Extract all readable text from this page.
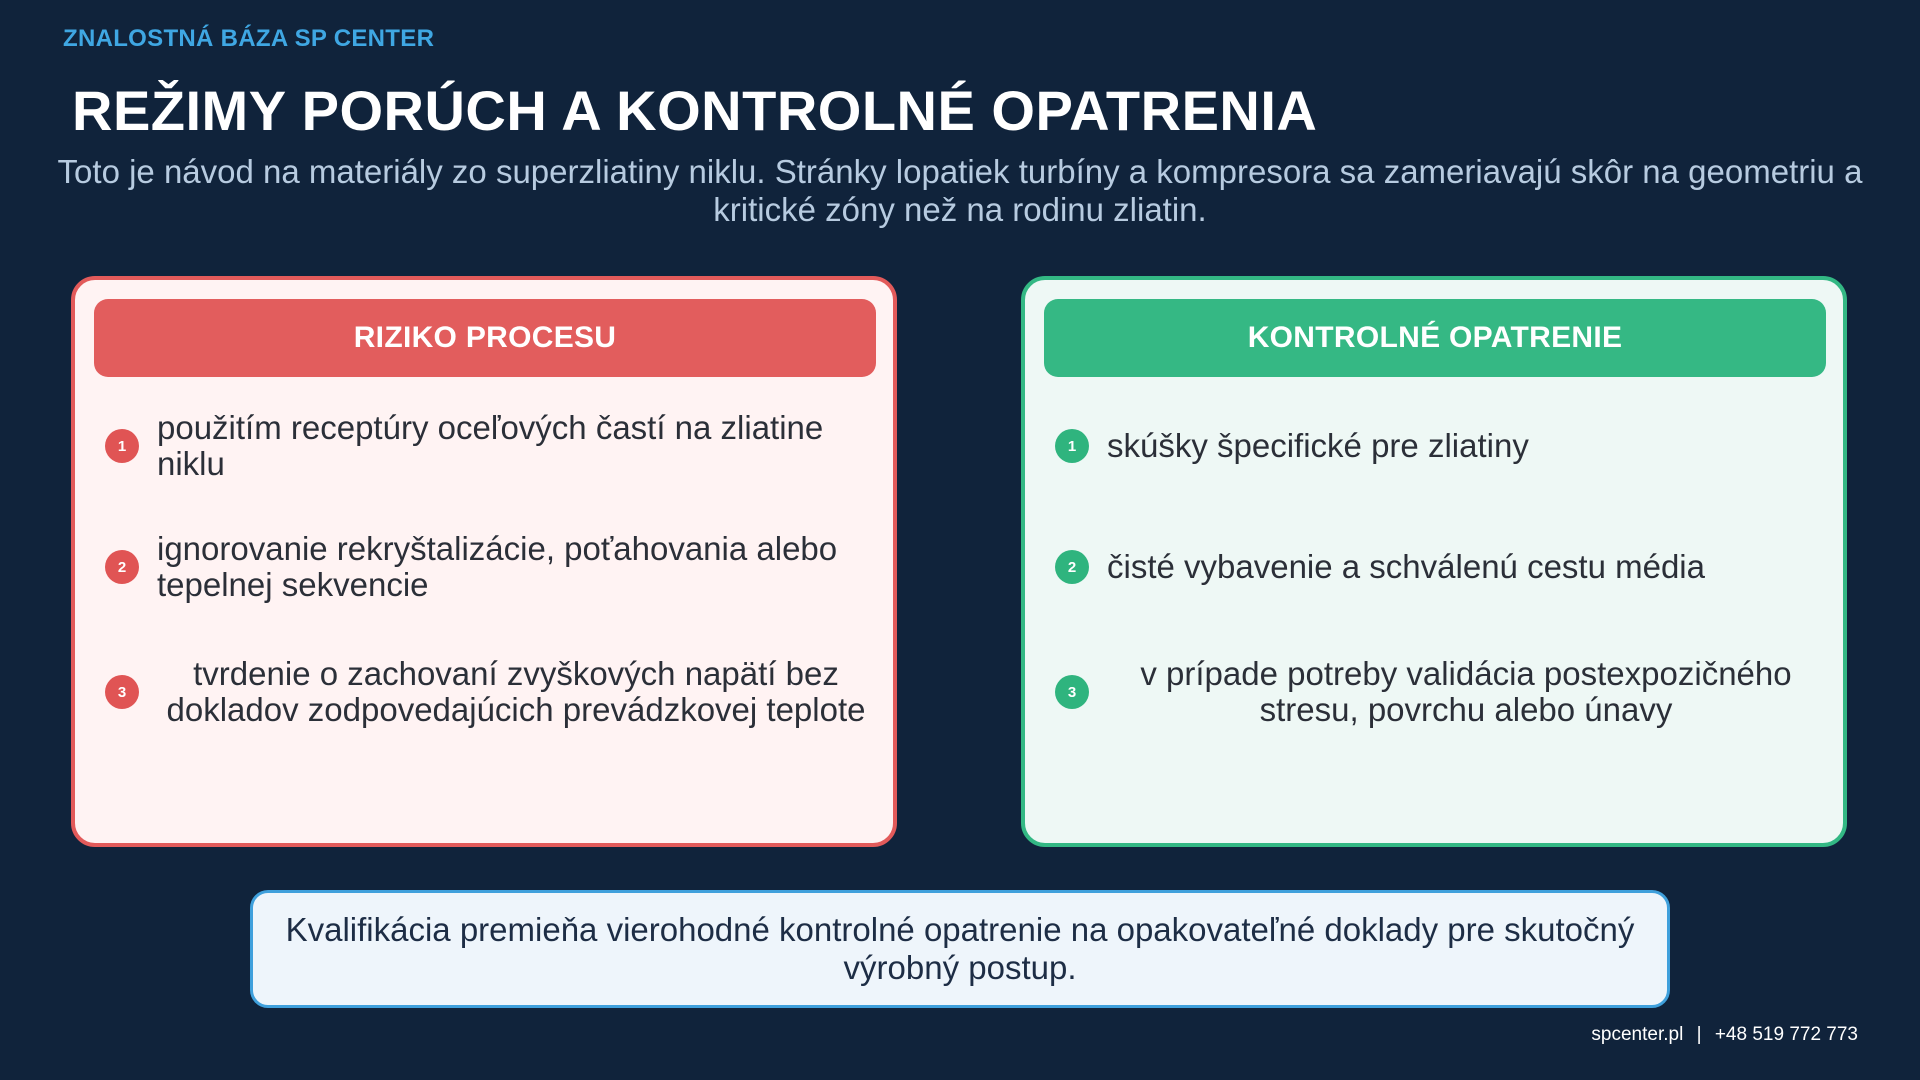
ZNALOSTNÁ BÁZA SP CENTER
REŽIMY PORÚCH A KONTROLNÉ OPATRENIA
Toto je návod na materiály zo superzliatiny niklu. Stránky lopatiek turbíny a kompresora sa zameriavajú skôr na geometriu a kritické zóny než na rodinu zliatin.
RIZIKO PROCESU
1 použitím receptúry oceľových častí na zliatine niklu
2 ignorovanie rekryštalizácie, poťahovania alebo tepelnej sekvencie
3	tvrdenie o zachovaní zvyškových napätí bez dokladov zodpovedajúcich prevádzkovej teplote
KONTROLNÉ OPATRENIE
1 skúšky špecifické pre zliatiny
2 čisté vybavenie a schválenú cestu média
3	v prípade potreby validácia postexpozičného stresu, povrchu alebo únavy
Kvalifikácia premieňa vierohodné kontrolné opatrenie na opakovateľné doklady pre skutočný výrobný postup.
spcenter.pl | +48 519 772 773
